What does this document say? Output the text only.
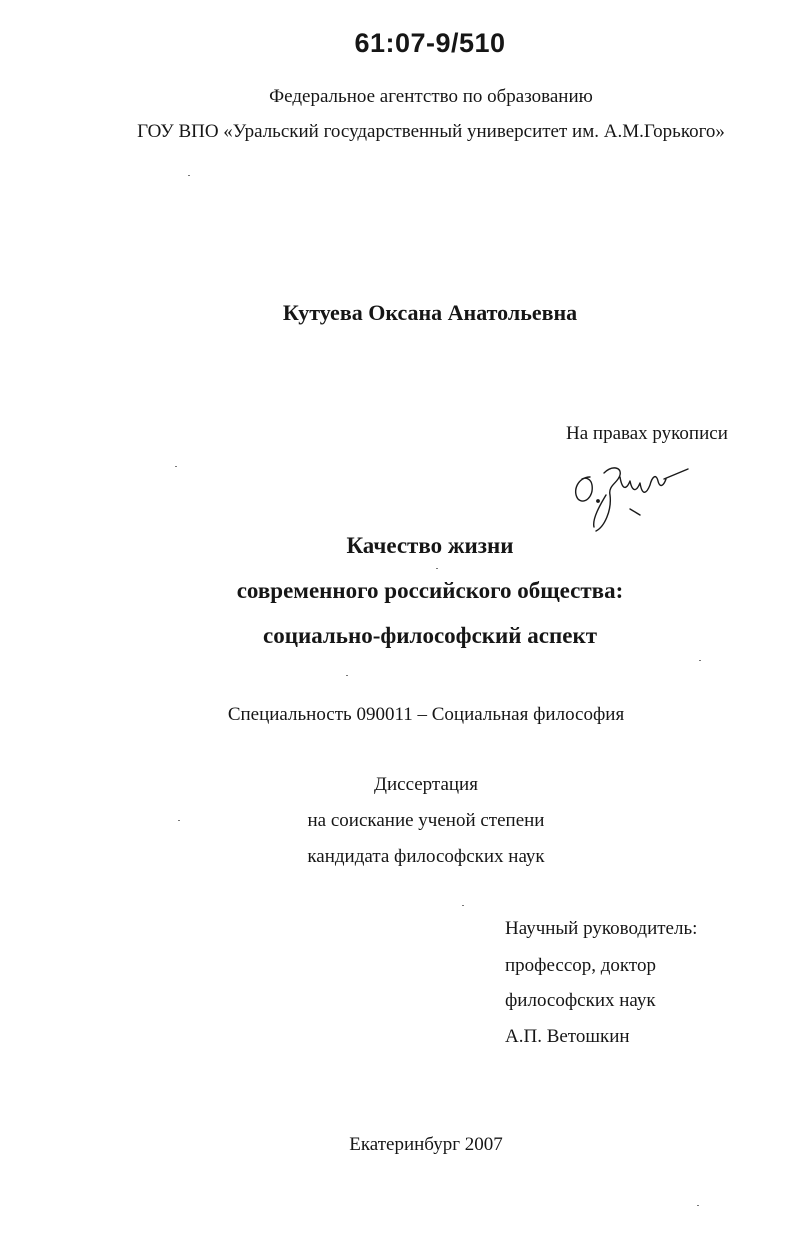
61:07-9/510
Федеральное агентство по образованию
ГОУ ВПО «Уральский государственный университет им. А.М.Горького»
Кутуева Оксана Анатольевна
На правах рукописи
Качество жизни
современного российского общества:
социально-философский аспект
Специальность 090011 – Социальная философия
Диссертация
на соискание ученой степени
кандидата философских наук
Научный руководитель:
профессор, доктор
философских наук
А.П. Ветошкин
Екатеринбург 2007
